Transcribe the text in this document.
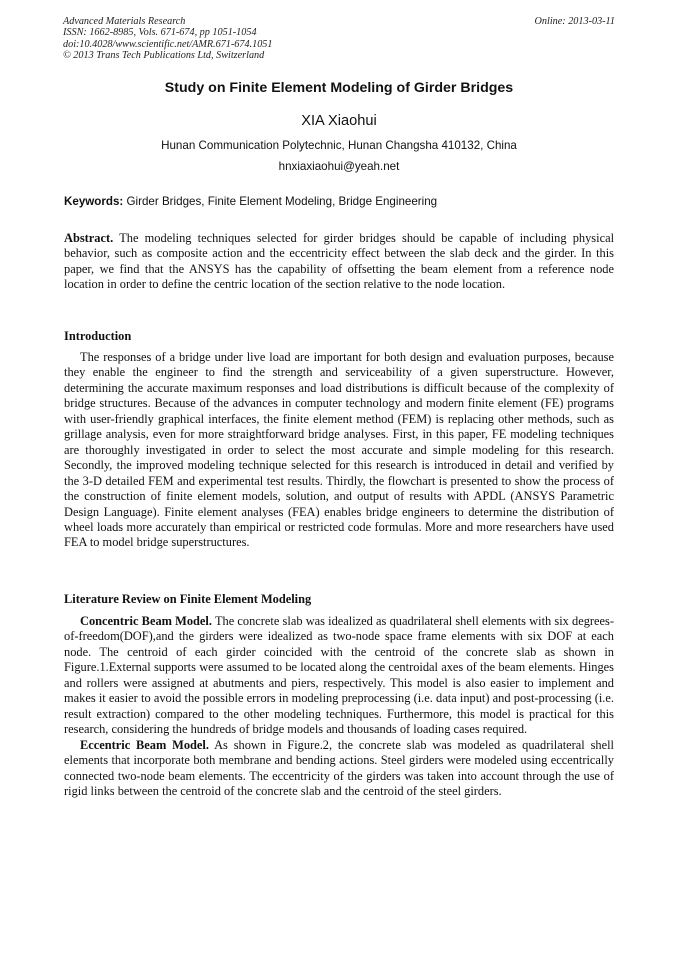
Advanced Materials Research
ISSN: 1662-8985, Vols. 671-674, pp 1051-1054
doi:10.4028/www.scientific.net/AMR.671-674.1051
© 2013 Trans Tech Publications Ltd, Switzerland
Online: 2013-03-11
Study on Finite Element Modeling of Girder Bridges
XIA Xiaohui
Hunan Communication Polytechnic, Hunan Changsha 410132, China
hnxiaxiaohui@yeah.net
Keywords: Girder Bridges, Finite Element Modeling, Bridge Engineering

Abstract. The modeling techniques selected for girder bridges should be capable of including physical behavior, such as composite action and the eccentricity effect between the slab deck and the girder. In this paper, we find that the ANSYS has the capability of offsetting the beam element from a reference node location in order to define the centric location of the section relative to the node location.

Introduction

The responses of a bridge under live load are important for both design and evaluation purposes, because they enable the engineer to find the strength and serviceability of a given superstructure. However, determining the accurate maximum responses and load distributions is difficult because of the complexity of bridge structures. Because of the advances in computer technology and modern finite element (FE) programs with user-friendly graphical interfaces, the finite element method (FEM) is replacing other methods, such as grillage analysis, even for more straightforward bridge analyses. First, in this paper, FE modeling techniques are thoroughly investigated in order to select the most accurate and simple modeling for this research. Secondly, the improved modeling technique selected for this research is introduced in detail and verified by the 3-D detailed FEM and experimental test results. Thirdly, the flowchart is presented to show the process of the construction of finite element models, solution, and output of results with APDL (ANSYS Parametric Design Language). Finite element analyses (FEA) enables bridge engineers to determine the distribution of wheel loads more accurately than empirical or restricted code formulas. More and more researchers have used FEA to model bridge superstructures.

Literature Review on Finite Element Modeling

Concentric Beam Model. The concrete slab was idealized as quadrilateral shell elements with six degrees-of-freedom(DOF),and the girders were idealized as two-node space frame elements with six DOF at each node. The centroid of each girder coincided with the centroid of the concrete slab as shown in Figure.1.External supports were assumed to be located along the centroidal axes of the beam elements. Hinges and rollers were assigned at abutments and piers, respectively. This model is also easier to implement and makes it easier to avoid the possible errors in modeling preprocessing (i.e. data input) and post-processing (i.e. result extraction) compared to the other modeling techniques. Furthermore, this model is practical for this research, considering the hundreds of bridge models and thousands of loading cases required.

Eccentric Beam Model. As shown in Figure.2, the concrete slab was modeled as quadrilateral shell elements that incorporate both membrane and bending actions. Steel girders were modeled using eccentrically connected two-node beam elements. The eccentricity of the girders was taken into account through the use of rigid links between the centroid of the concrete slab and the centroid of the steel girders.
